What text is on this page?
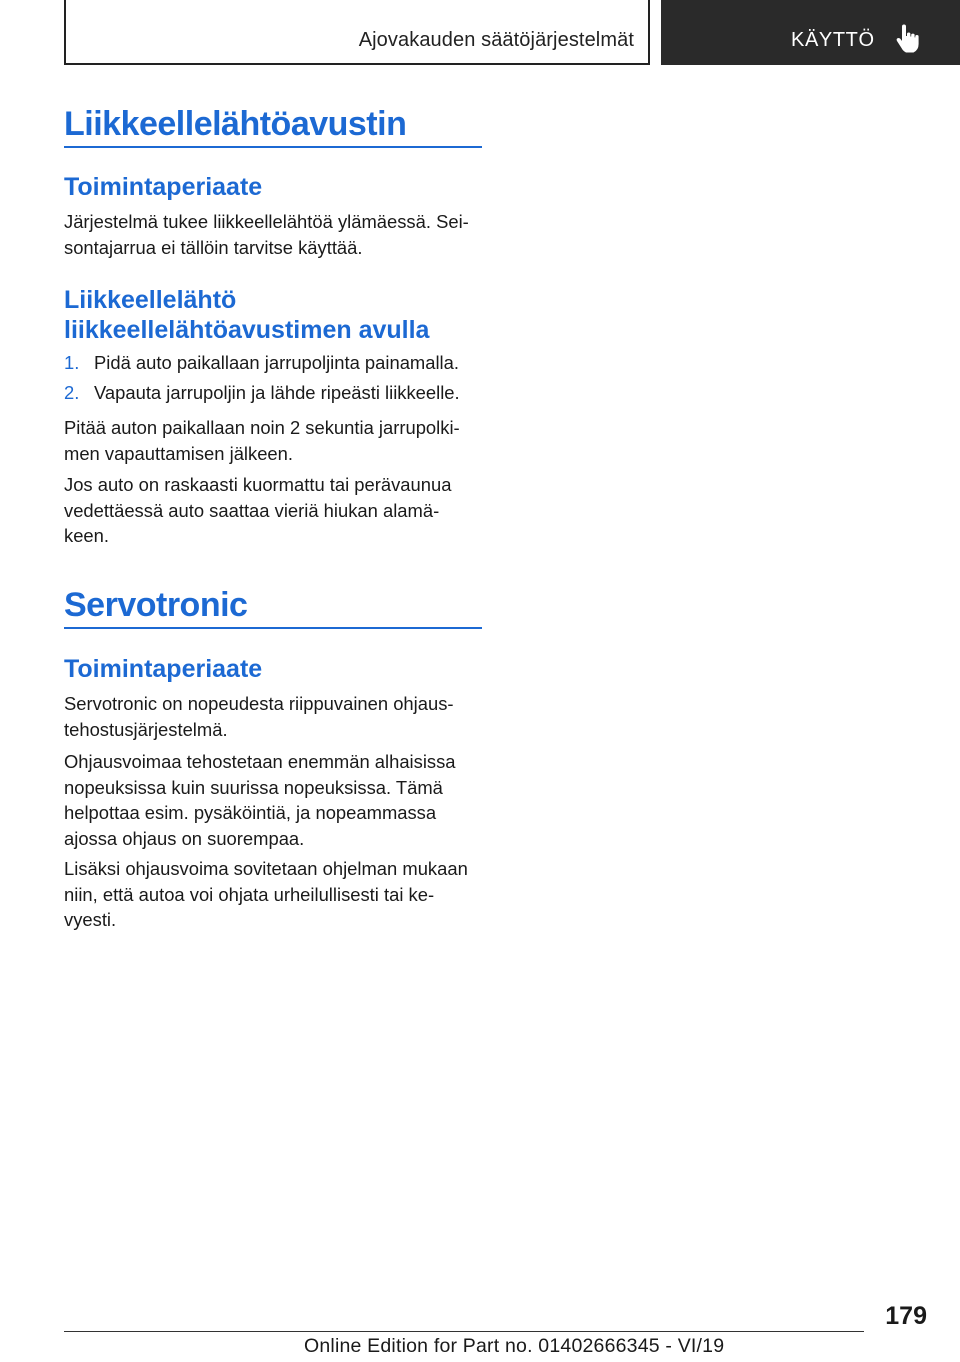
Ajovakauden säätöjärjestelmät	KÄYTTÖ
Liikkeellelähtöavustin
Toimintaperiaate

Järjestelmä tukee liikkeellelähtöä ylämäessä. Sei-

sontajarrua ei tällöin tarvitse käyttää.

Liikkeellelähtö
liikkeellelähtöavustimen avulla
1. Pidä auto paikallaan jarrupoljinta painamalla.
2. Vapauta jarrupoljin ja lähde ripeästi liikkeelle.

Pitää auton paikallaan noin 2 sekuntia jarrupolki-

men vapauttamisen jälkeen.

Jos auto on raskaasti kuormattu tai perävaunua

vedettäessä auto saattaa vieriä hiukan alamä-

keen.

Servotronic
Toimintaperiaate

Servotronic on nopeudesta riippuvainen ohjaus-

tehostusjärjestelmä.

Ohjausvoimaa tehostetaan enemmän alhaisissa

nopeuksissa kuin suurissa nopeuksissa. Tämä

helpottaa esim. pysäköintiä, ja nopeammassa

ajossa ohjaus on suorempaa.

Lisäksi ohjausvoima sovitetaan ohjelman mukaan

niin, että autoa voi ohjata urheilullisesti tai ke-

vyesti.

179
Online Edition for Part no. 01402666345 - VI/19
